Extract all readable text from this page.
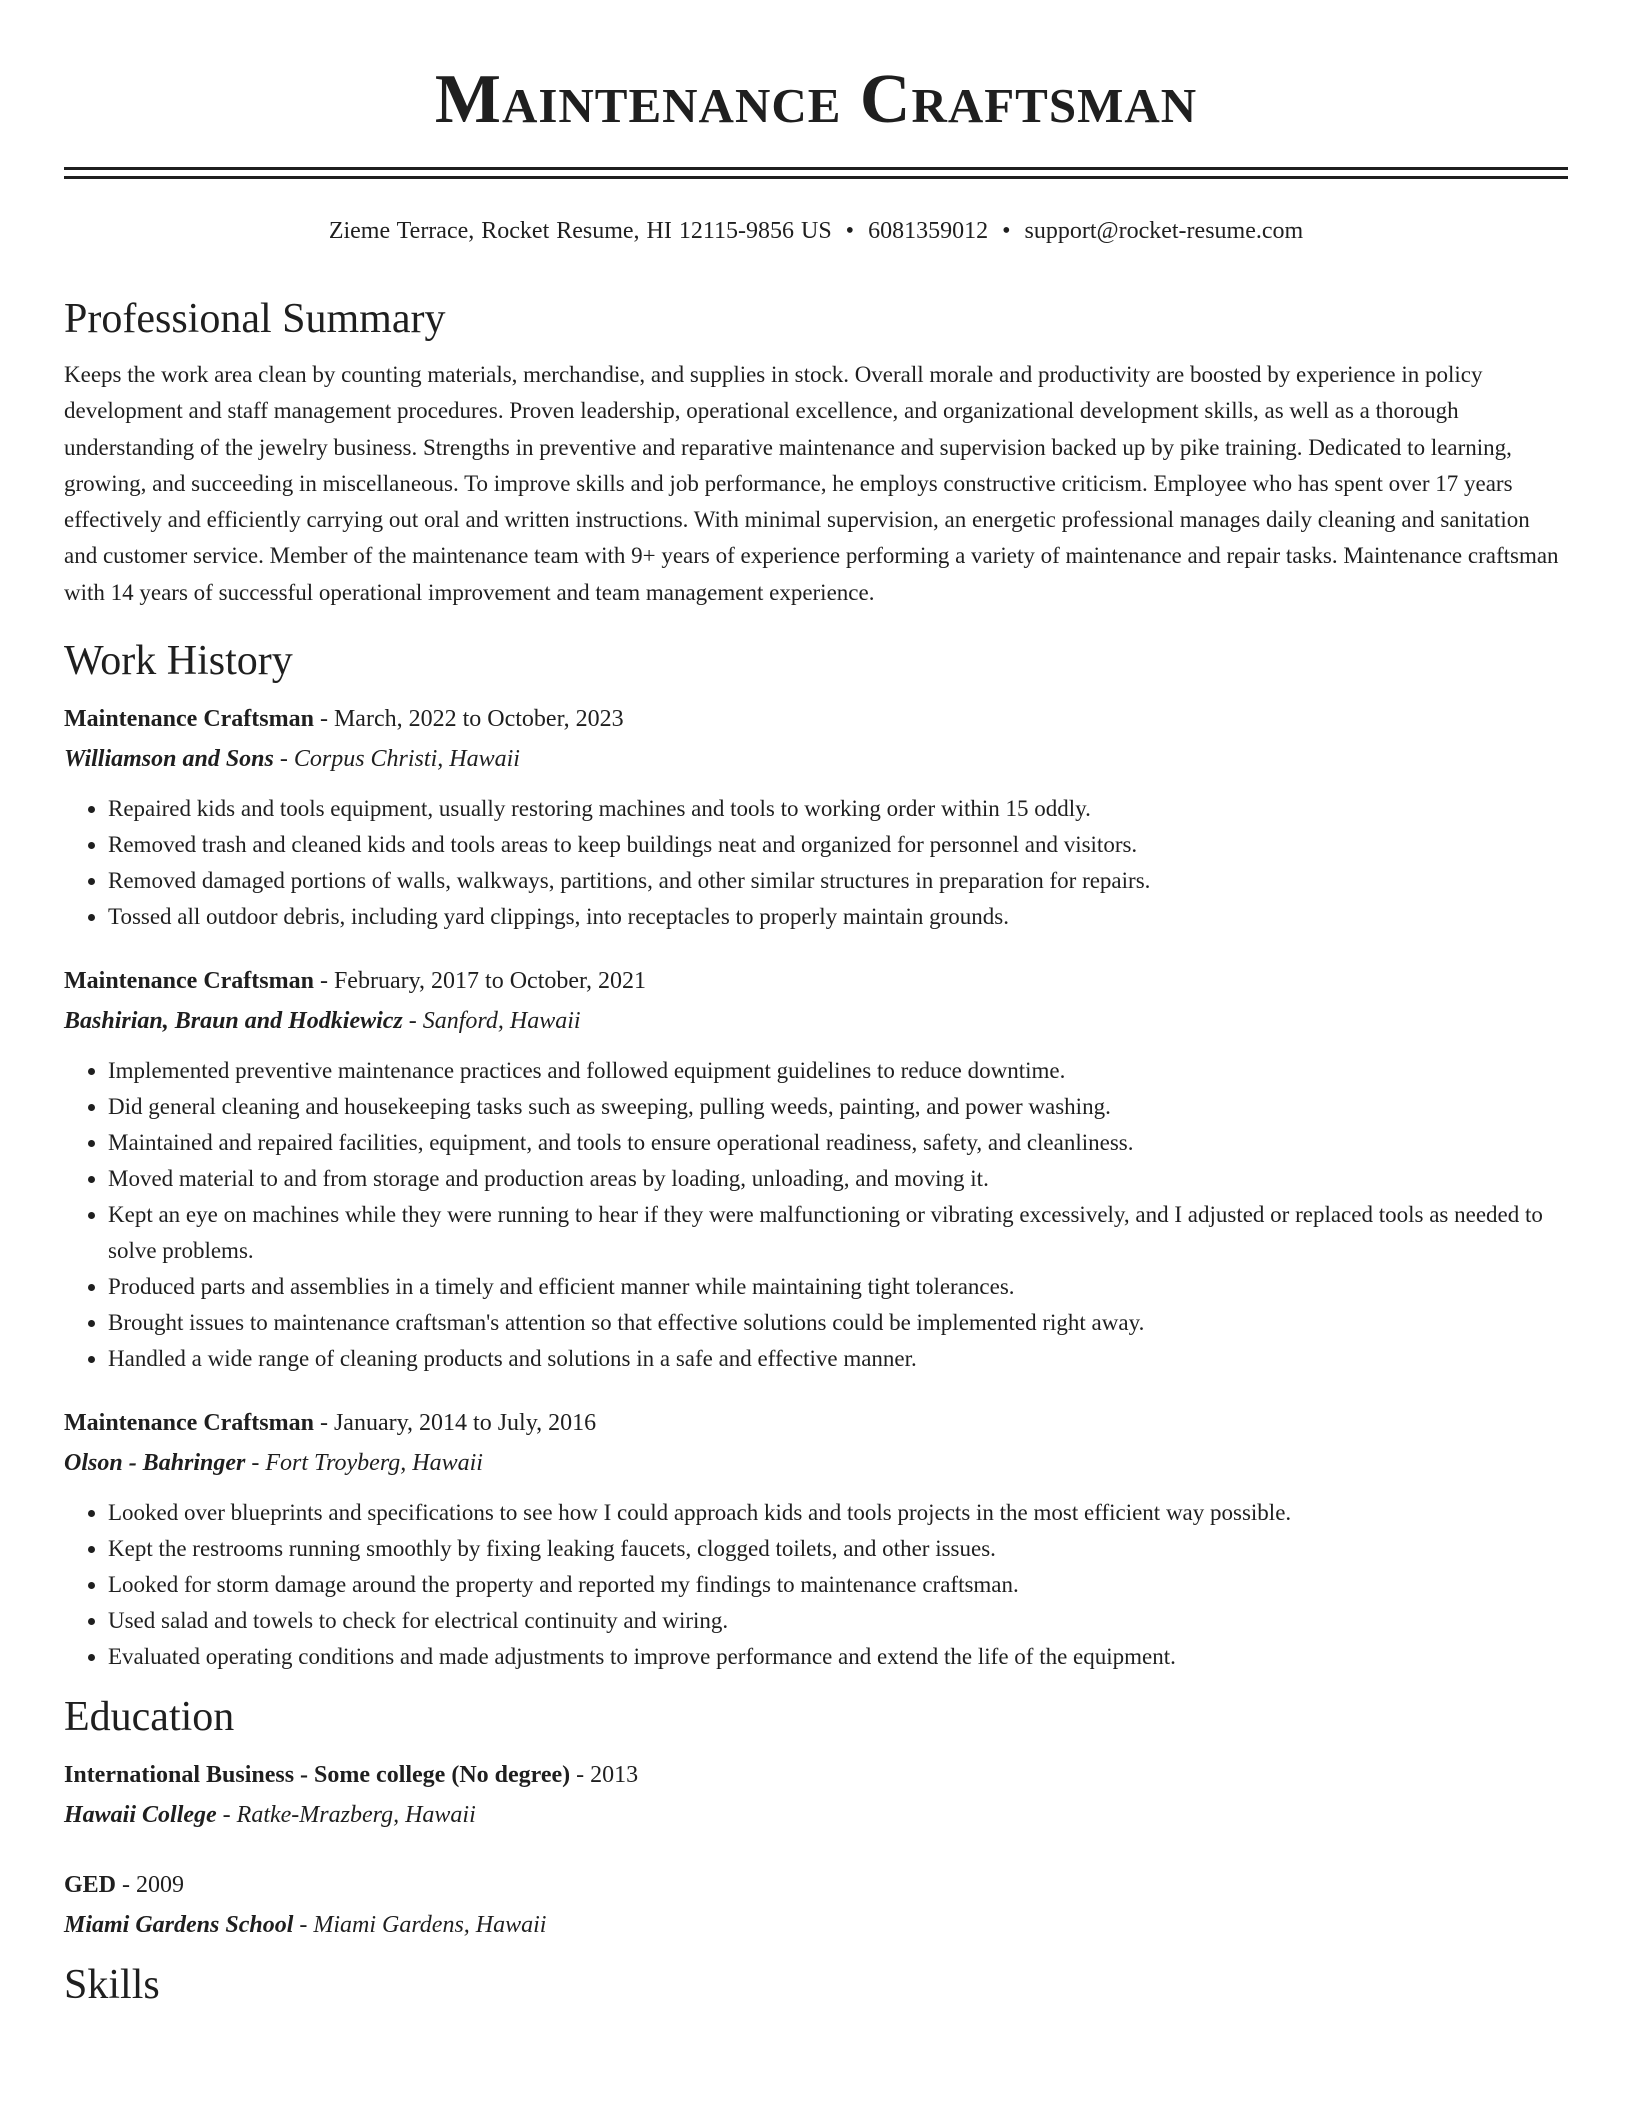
Maintenance Craftsman
Zieme Terrace, Rocket Resume, HI 12115-9856 US • 6081359012 • support@rocket-resume.com
Professional Summary

Keeps the work area clean by counting materials, merchandise, and supplies in stock. Overall morale and productivity are boosted by experience in policy development and staff management procedures. Proven leadership, operational excellence, and organizational development skills, as well as a thorough understanding of the jewelry business. Strengths in preventive and reparative maintenance and supervision backed up by pike training. Dedicated to learning, growing, and succeeding in miscellaneous. To improve skills and job performance, he employs constructive criticism. Employee who has spent over 17 years effectively and efficiently carrying out oral and written instructions. With minimal supervision, an energetic professional manages daily cleaning and sanitation and customer service. Member of the maintenance team with 9+ years of experience performing a variety of maintenance and repair tasks. Maintenance craftsman with 14 years of successful operational improvement and team management experience.

Work History
Maintenance Craftsman - March, 2022 to October, 2023
Williamson and Sons - Corpus Christi, Hawaii
• Repaired kids and tools equipment, usually restoring machines and tools to working order within 15 oddly.
• Removed trash and cleaned kids and tools areas to keep buildings neat and organized for personnel and visitors.
• Removed damaged portions of walls, walkways, partitions, and other similar structures in preparation for repairs.
• Tossed all outdoor debris, including yard clippings, into receptacles to properly maintain grounds.
Maintenance Craftsman - February, 2017 to October, 2021
Bashirian, Braun and Hodkiewicz - Sanford, Hawaii
• Implemented preventive maintenance practices and followed equipment guidelines to reduce downtime.
• Did general cleaning and housekeeping tasks such as sweeping, pulling weeds, painting, and power washing.
• Maintained and repaired facilities, equipment, and tools to ensure operational readiness, safety, and cleanliness.
• Moved material to and from storage and production areas by loading, unloading, and moving it.
• Kept an eye on machines while they were running to hear if they were malfunctioning or vibrating excessively, and I adjusted or replaced tools as needed to solve problems.
• Produced parts and assemblies in a timely and efficient manner while maintaining tight tolerances.
• Brought issues to maintenance craftsman's attention so that effective solutions could be implemented right away.
• Handled a wide range of cleaning products and solutions in a safe and effective manner.
Maintenance Craftsman - January, 2014 to July, 2016
Olson - Bahringer - Fort Troyberg, Hawaii
• Looked over blueprints and specifications to see how I could approach kids and tools projects in the most efficient way possible.
• Kept the restrooms running smoothly by fixing leaking faucets, clogged toilets, and other issues.
• Looked for storm damage around the property and reported my findings to maintenance craftsman.
• Used salad and towels to check for electrical continuity and wiring.
• Evaluated operating conditions and made adjustments to improve performance and extend the life of the equipment.
Education
International Business - Some college (No degree) - 2013
Hawaii College - Ratke-Mrazberg, Hawaii
GED - 2009
Miami Gardens School - Miami Gardens, Hawaii
Skills
